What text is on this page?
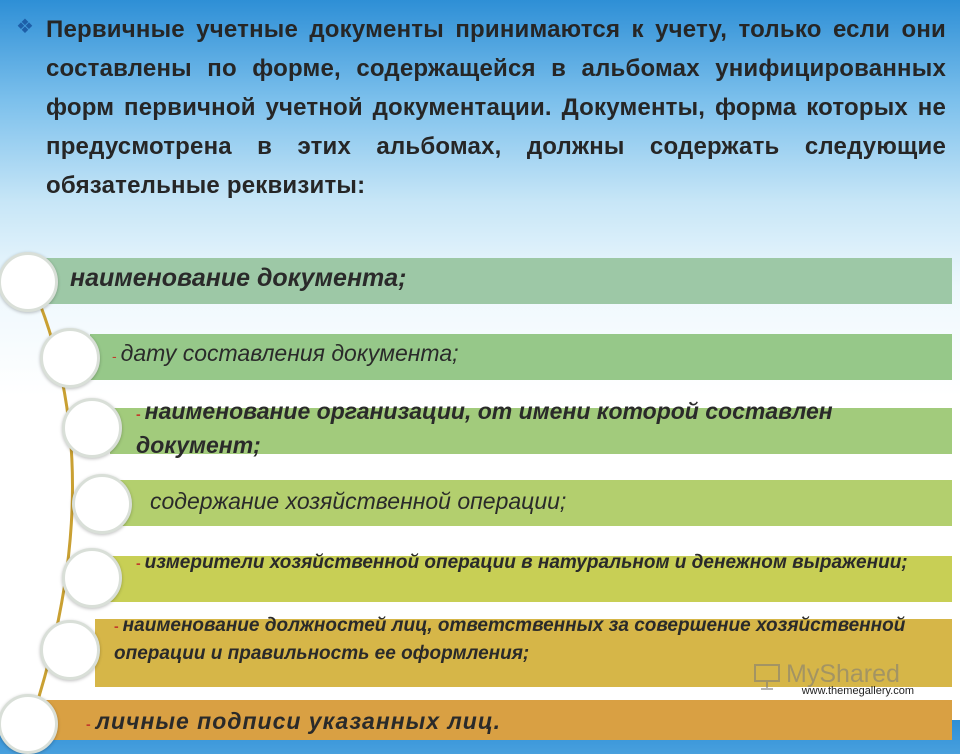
❖ Первичные учетные документы принимаются к учету, только если они составлены по форме, содержащейся в альбомах унифицированных форм первичной учетной документации. Документы, форма которых не предусмотрена в этих альбомах, должны содержать следующие обязательные реквизиты:

наименование документа;
- дату составления документа;
- наименование организации, от имени которой составлен документ;
содержание хозяйственной операции;
- измерители хозяйственной операции в натуральном и денежном выражении;
- наименование должностей лиц, ответственных за совершение хозяйственной операции и правильность ее оформления;
- личные подписи указанных лиц.
MyShared
www.themegallery.com
